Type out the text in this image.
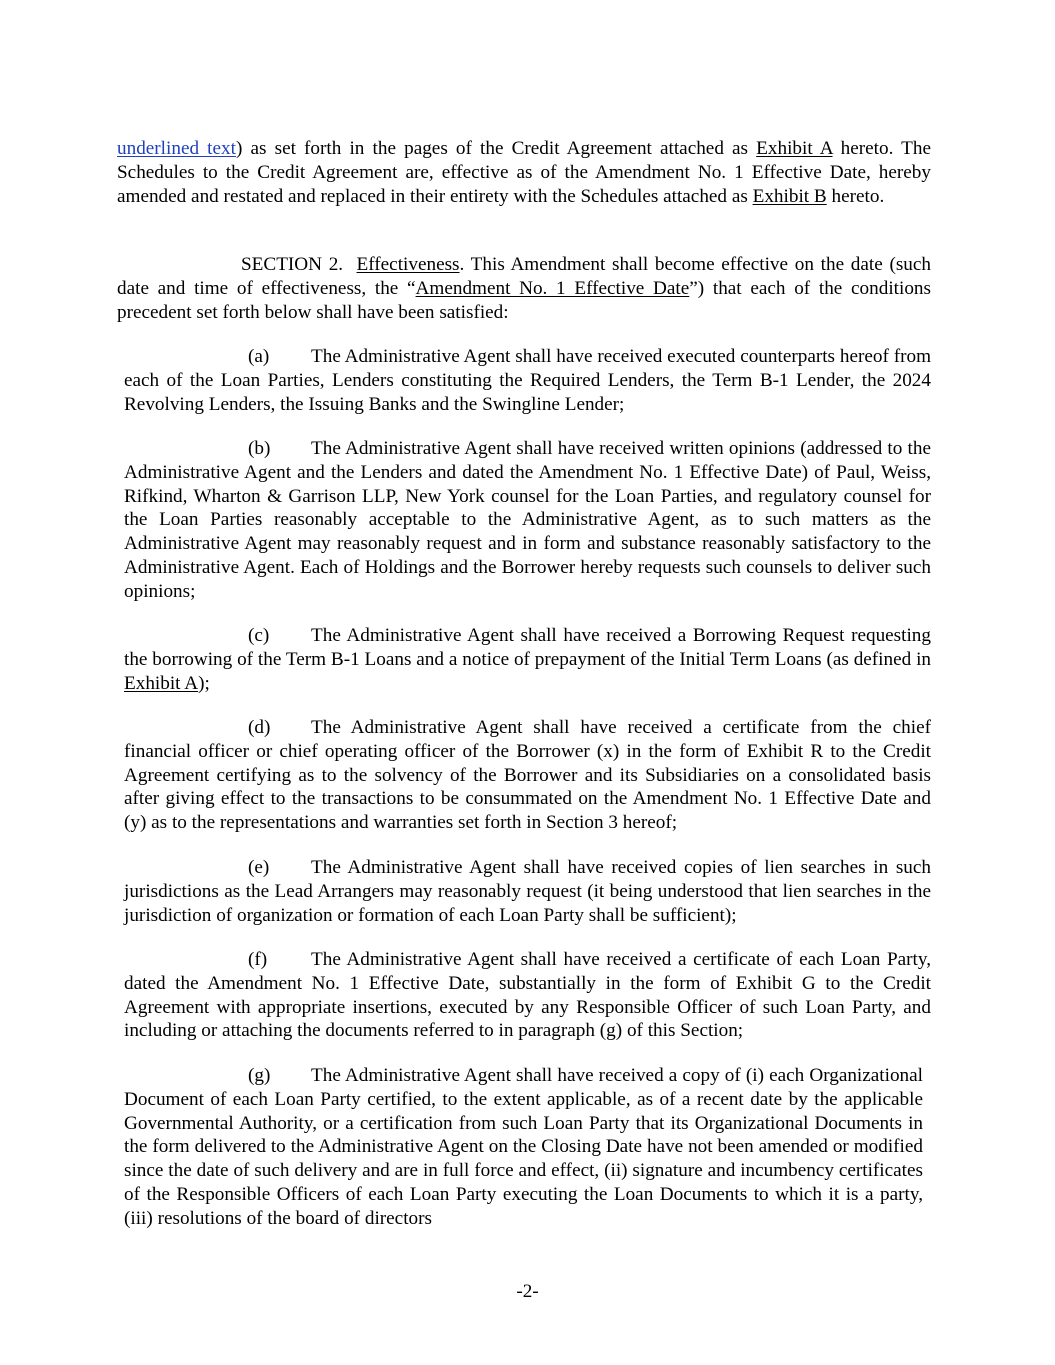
underlined text) as set forth in the pages of the Credit Agreement attached as Exhibit A hereto. The Schedules to the Credit Agreement are, effective as of the Amendment No. 1 Effective Date, hereby amended and restated and replaced in their entirety with the Schedules attached as Exhibit B hereto.

SECTION 2. Effectiveness. This Amendment shall become effective on the date (such date and time of effectiveness, the “Amendment No. 1 Effective Date”) that each of the conditions precedent set forth below shall have been satisfied:

(a) The Administrative Agent shall have received executed counterparts hereof from each of the Loan Parties, Lenders constituting the Required Lenders, the Term B-1 Lender, the 2024 Revolving Lenders, the Issuing Banks and the Swingline Lender;

(b) The Administrative Agent shall have received written opinions (addressed to the Administrative Agent and the Lenders and dated the Amendment No. 1 Effective Date) of Paul, Weiss, Rifkind, Wharton & Garrison LLP, New York counsel for the Loan Parties, and regulatory counsel for the Loan Parties reasonably acceptable to the Administrative Agent, as to such matters as the Administrative Agent may reasonably request and in form and substance reasonably satisfactory to the Administrative Agent. Each of Holdings and the Borrower hereby requests such counsels to deliver such opinions;

(c) The Administrative Agent shall have received a Borrowing Request requesting the borrowing of the Term B-1 Loans and a notice of prepayment of the Initial Term Loans (as defined in Exhibit A);

(d) The Administrative Agent shall have received a certificate from the chief financial officer or chief operating officer of the Borrower (x) in the form of Exhibit R to the Credit Agreement certifying as to the solvency of the Borrower and its Subsidiaries on a consolidated basis after giving effect to the transactions to be consummated on the Amendment No. 1 Effective Date and (y) as to the representations and warranties set forth in Section 3 hereof;

(e) The Administrative Agent shall have received copies of lien searches in such jurisdictions as the Lead Arrangers may reasonably request (it being understood that lien searches in the jurisdiction of organization or formation of each Loan Party shall be sufficient);

(f) The Administrative Agent shall have received a certificate of each Loan Party, dated the Amendment No. 1 Effective Date, substantially in the form of Exhibit G to the Credit Agreement with appropriate insertions, executed by any Responsible Officer of such Loan Party, and including or attaching the documents referred to in paragraph (g) of this Section;

(g) The Administrative Agent shall have received a copy of (i) each Organizational Document of each Loan Party certified, to the extent applicable, as of a recent date by the applicable Governmental Authority, or a certification from such Loan Party that its Organizational Documents in the form delivered to the Administrative Agent on the Closing Date have not been amended or modified since the date of such delivery and are in full force and effect, (ii) signature and incumbency certificates of the Responsible Officers of each Loan Party executing the Loan Documents to which it is a party, (iii) resolutions of the board of directors

-2-
